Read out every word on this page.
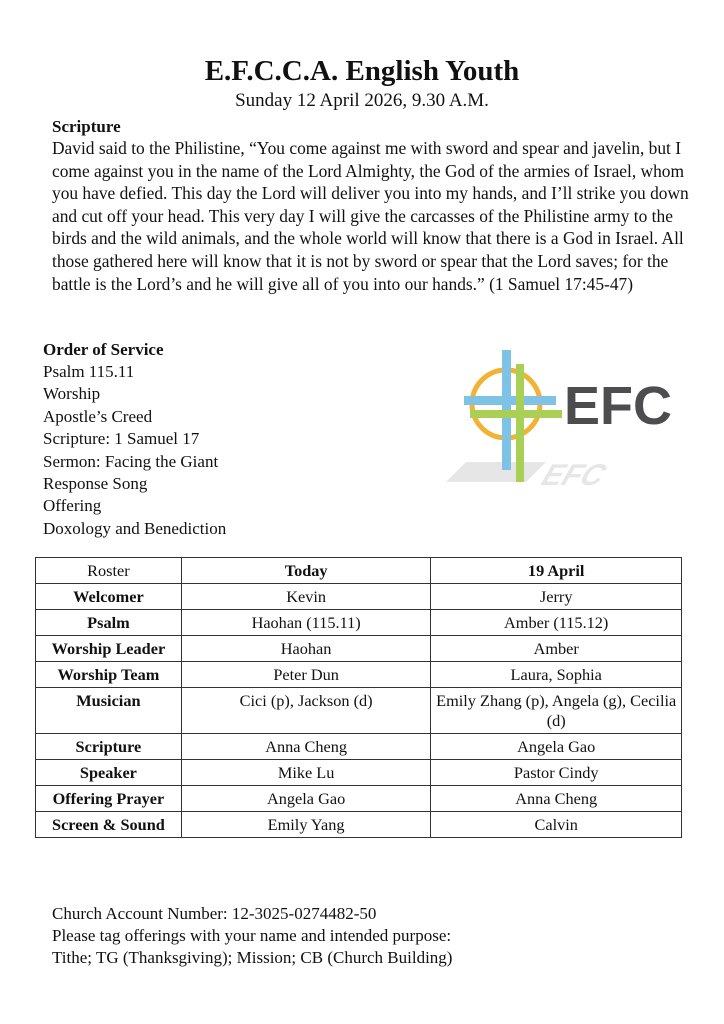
E.F.C.C.A. English Youth
Sunday 12 April 2026, 9.30 A.M.
Scripture

David said to the Philistine, “You come against me with sword and spear and javelin, but I come against you in the name of the Lord Almighty, the God of the armies of Israel, whom you have defied. This day the Lord will deliver you into my hands, and I’ll strike you down and cut off your head. This very day I will give the carcasses of the Philistine army to the birds and the wild animals, and the whole world will know that there is a God in Israel. All those gathered here will know that it is not by sword or spear that the Lord saves; for the battle is the Lord’s and he will give all of you into our hands.” (1 Samuel 17:45-47)

Order of Service
Psalm 115.11
Worship
Apostle’s Creed
Scripture: 1 Samuel 17
Sermon: Facing the Giant
Response Song
Offering
Doxology and Benediction
EFC
EFC
Roster	Today	19 April
Welcomer	Kevin	Jerry
Psalm	Haohan (115.11)	Amber (115.12)
Worship Leader	Haohan	Amber
Worship Team	Peter Dun	Laura, Sophia
Musician	Cici (p), Jackson (d)	Emily Zhang (p), Angela (g), Cecilia (d)
Scripture	Anna Cheng	Angela Gao
Speaker	Mike Lu	Pastor Cindy
Offering Prayer	Angela Gao	Anna Cheng
Screen & Sound	Emily Yang	Calvin
Church Account Number: 12-3025-0274482-50
Please tag offerings with your name and intended purpose:
Tithe; TG (Thanksgiving); Mission; CB (Church Building)
